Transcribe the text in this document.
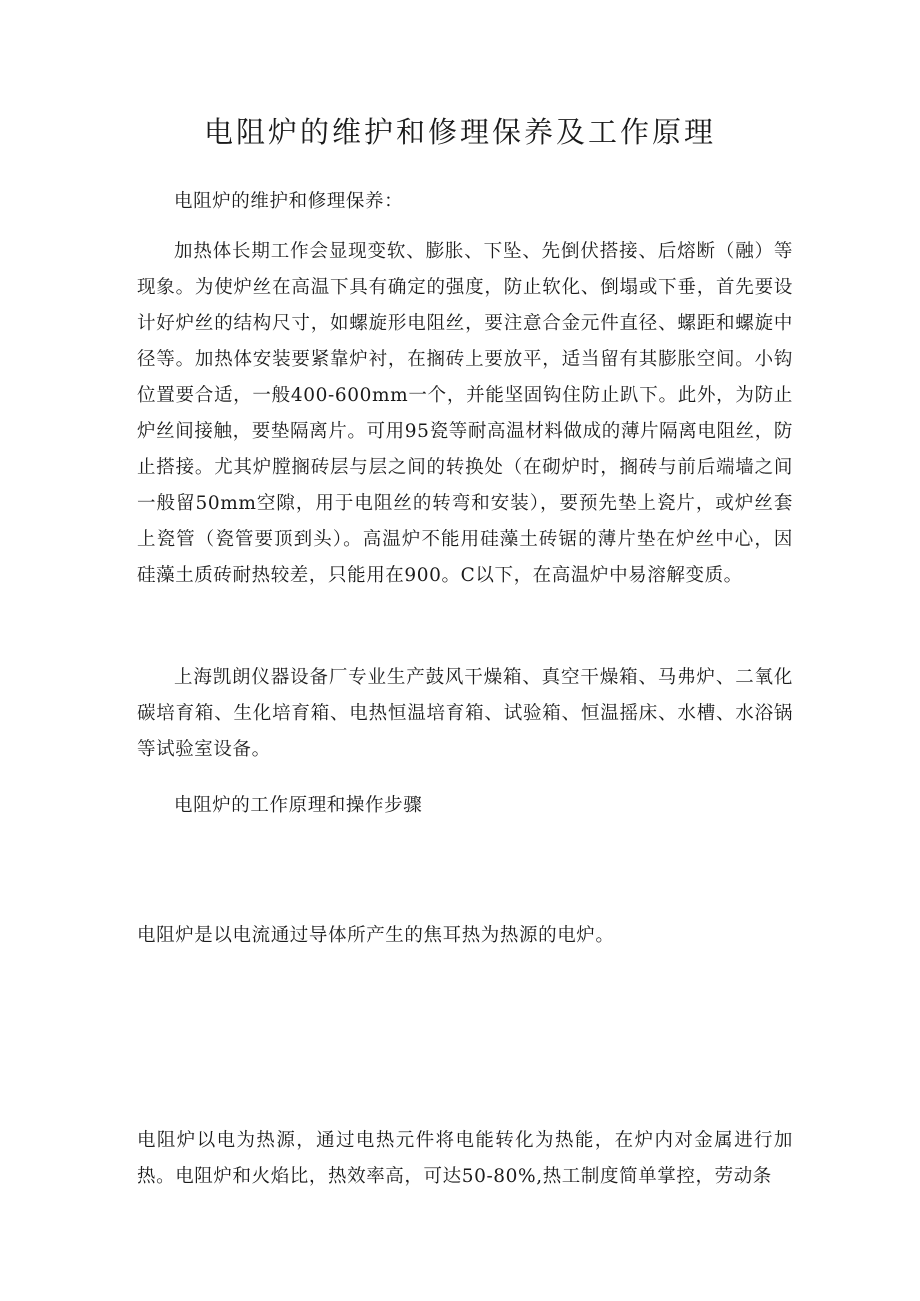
电阻炉的维护和修理保养及工作原理

电阻炉的维护和修理保养：

加热体长期工作会显现变软、膨胀、下坠、先倒伏搭接、后熔断（融）等现象。为使炉丝在高温下具有确定的强度，防止软化、倒塌或下垂，首先要设计好炉丝的结构尺寸，如螺旋形电阻丝，要注意合金元件直径、螺距和螺旋中径等。加热体安装要紧靠炉衬，在搁砖上要放平，适当留有其膨胀空间。小钩位置要合适，一般400-600mm一个，并能坚固钩住防止趴下。此外，为防止炉丝间接触，要垫隔离片。可用95瓷等耐高温材料做成的薄片隔离电阻丝，防止搭接。尤其炉膛搁砖层与层之间的转换处（在砌炉时，搁砖与前后端墙之间一般留50mm空隙，用于电阻丝的转弯和安装），要预先垫上瓷片，或炉丝套上瓷管（瓷管要顶到头）。高温炉不能用硅藻土砖锯的薄片垫在炉丝中心，因硅藻土质砖耐热较差，只能用在900。C以下，在高温炉中易溶解变质。

上海凯朗仪器设备厂专业生产鼓风干燥箱、真空干燥箱、马弗炉、二氧化碳培育箱、生化培育箱、电热恒温培育箱、试验箱、恒温摇床、水槽、水浴锅等试验室设备。

电阻炉的工作原理和操作步骤

电阻炉是以电流通过导体所产生的焦耳热为热源的电炉。

电阻炉以电为热源，通过电热元件将电能转化为热能，在炉内对金属进行加热。电阻炉和火焰比，热效率高，可达50-80%,热工制度简单掌控，劳动条
